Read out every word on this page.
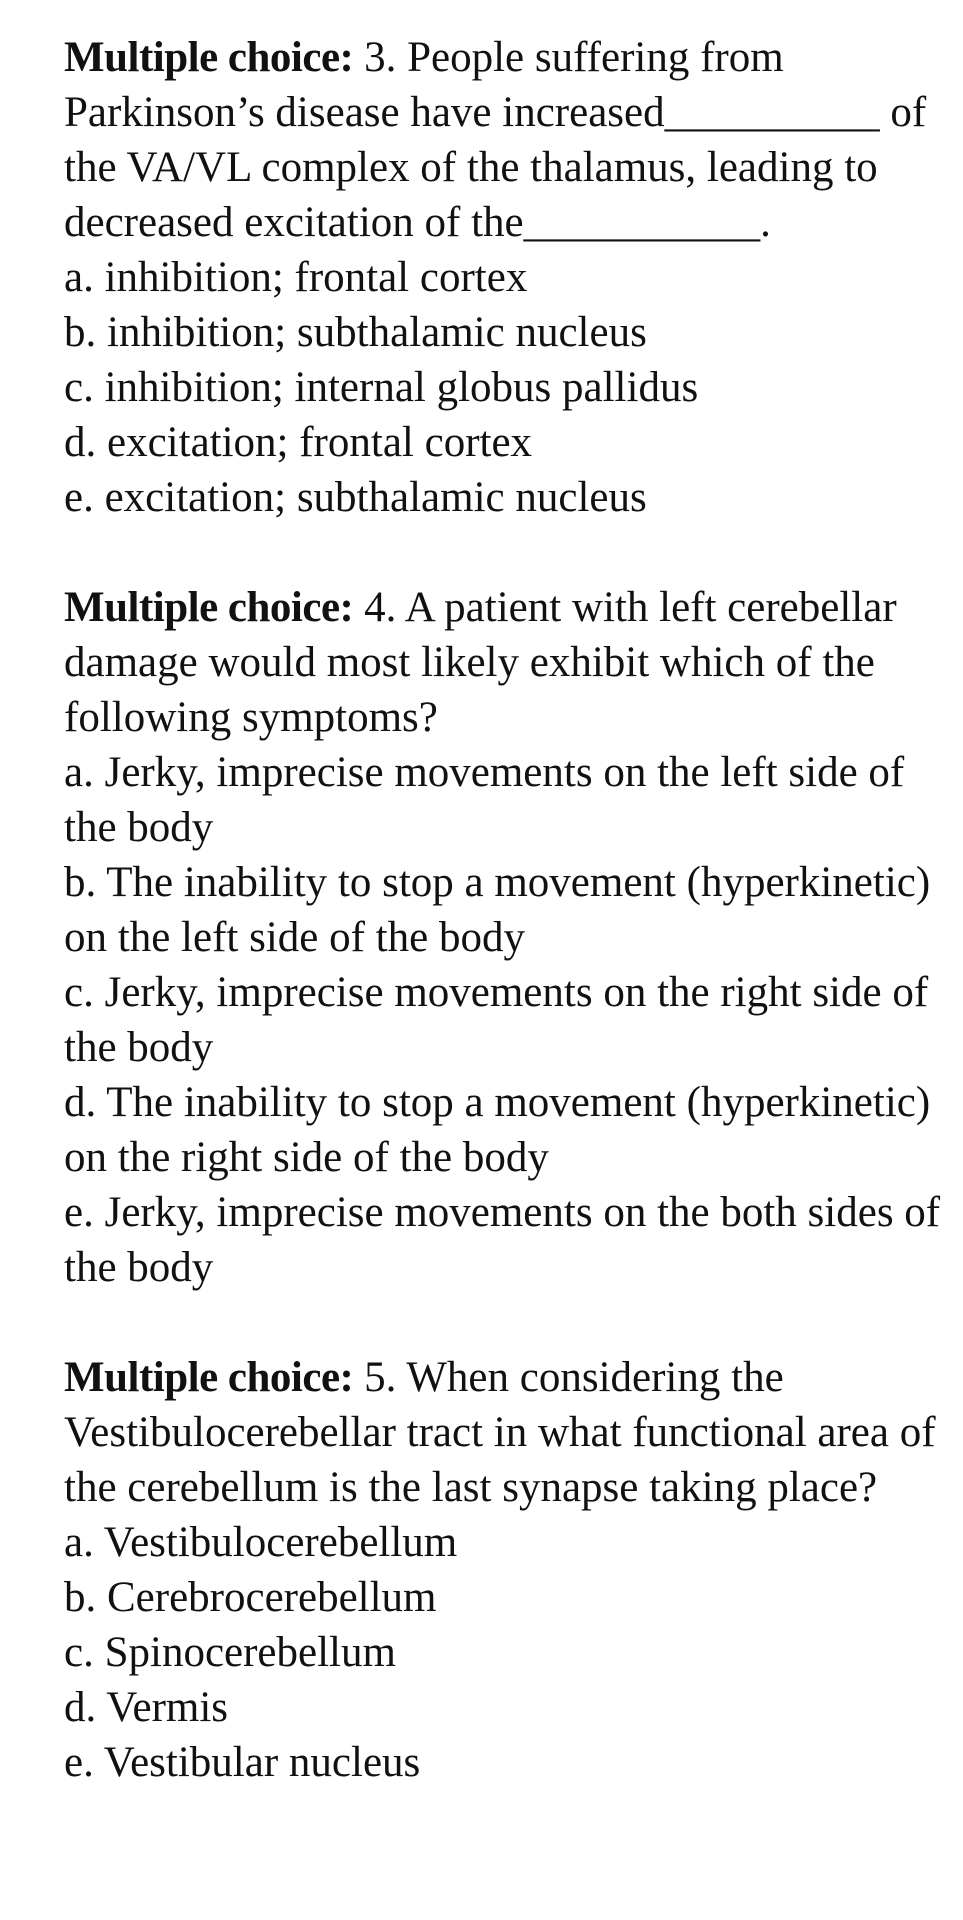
Multiple choice: 3. People suffering from Parkinson’s disease have increased__________ of the VA/VL complex of the thalamus, leading to decreased excitation of the___________.
a. inhibition; frontal cortex
b. inhibition; subthalamic nucleus
c. inhibition; internal globus pallidus
d. excitation; frontal cortex
e. excitation; subthalamic nucleus
Multiple choice: 4. A patient with left cerebellar damage would most likely exhibit which of the following symptoms?
a. Jerky, imprecise movements on the left side of the body
b. The inability to stop a movement (hyperkinetic) on the left side of the body
c. Jerky, imprecise movements on the right side of the body
d. The inability to stop a movement (hyperkinetic) on the right side of the body
e. Jerky, imprecise movements on the both sides of the body
Multiple choice: 5. When considering the Vestibulocerebellar tract in what functional area of the cerebellum is the last synapse taking place?
a. Vestibulocerebellum
b. Cerebrocerebellum
c. Spinocerebellum
d. Vermis
e. Vestibular nucleus
